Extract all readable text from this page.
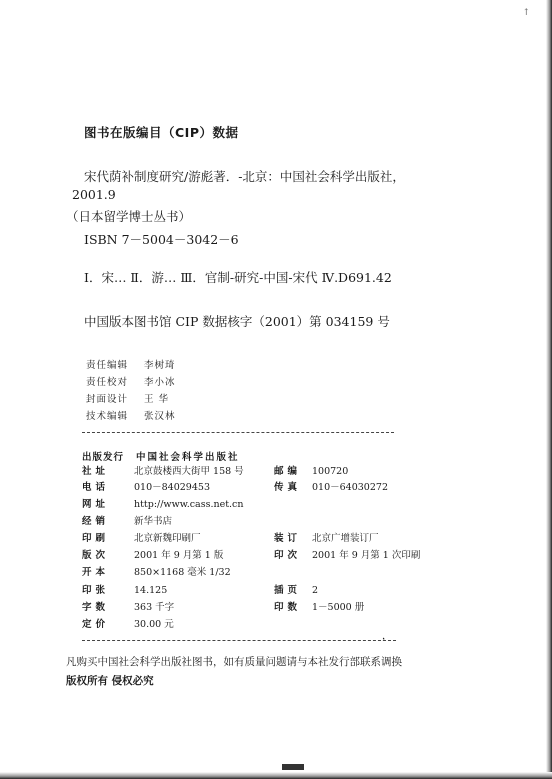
↑
图书在版编目（CIP）数据
宋代荫补制度研究/游彪著．-北京：中国社会科学出版社，
2001.9
（日本留学博士丛书）
ISBN 7－5004－3042－6
Ⅰ．宋… Ⅱ．游… Ⅲ．官制-研究-中国-宋代 Ⅳ.D691.42
中国版本图书馆 CIP 数据核字（2001）第 034159 号
责任编辑 李树琦
责任校对 李小冰
封面设计 王 华
技术编辑 张汉林
出版发行 中国社会科学出版社
社址	北京鼓楼西大街甲 158 号	邮编 100720
电话	010－84029453	传真 010－64030272
网址	http://www.cass.net.cn
经销	新华书店
印刷	北京新魏印刷厂	装订 北京广增装订厂
版次	2001 年 9 月第 1 版	印次 2001 年 9 月第 1 次印刷
开本	850×1168 毫米 1/32
印张	14.125	插页 2
字数	363 千字	印数 1－5000 册
定价	30.00 元
，
凡购买中国社会科学出版社图书，如有质量问题请与本社发行部联系调换
版权所有 侵权必究
